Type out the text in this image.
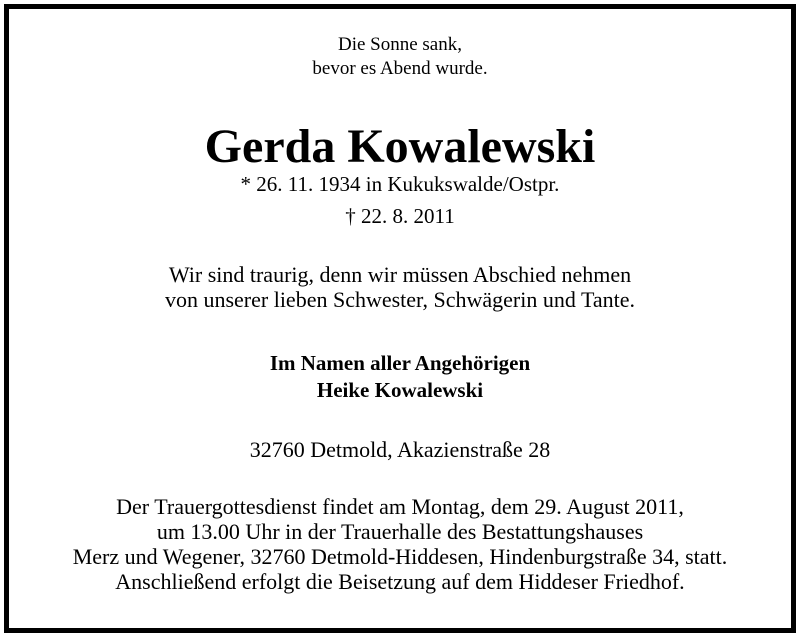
Die Sonne sank,
bevor es Abend wurde.
Gerda Kowalewski
* 26. 11. 1934 in Kukukswalde/Ostpr.
† 22. 8. 2011
Wir sind traurig, denn wir müssen Abschied nehmen
von unserer lieben Schwester, Schwägerin und Tante.
Im Namen aller Angehörigen
Heike Kowalewski
32760 Detmold, Akazienstraße 28
Der Trauergottesdienst findet am Montag, dem 29. August 2011,
um 13.00 Uhr in der Trauerhalle des Bestattungshauses
Merz und Wegener, 32760 Detmold-Hiddesen, Hindenburgstraße 34, statt.
Anschließend erfolgt die Beisetzung auf dem Hiddeser Friedhof.
